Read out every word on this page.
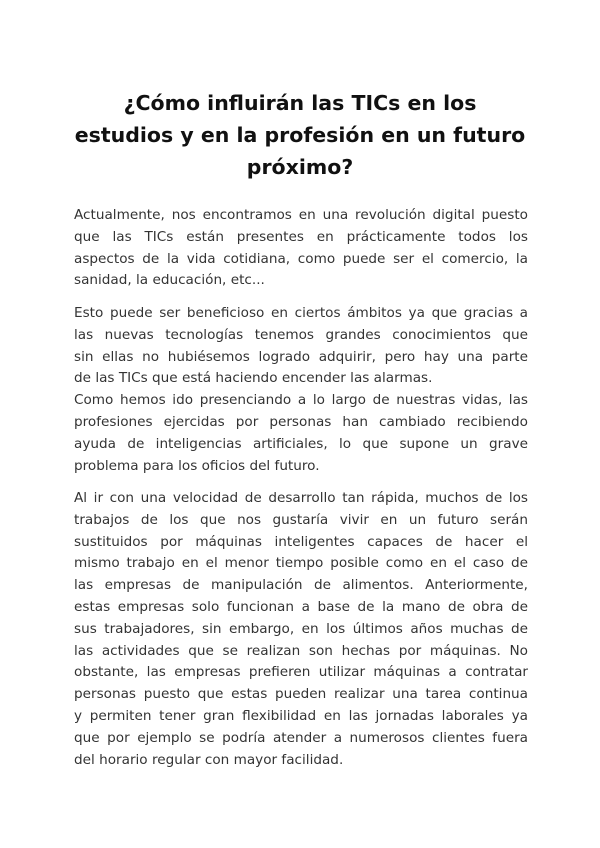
¿Cómo influirán las TICs en los
estudios y en la profesión en un futuro
próximo?
Actualmente, nos encontramos en una revolución digital puesto
que las TICs están presentes en prácticamente todos los
aspectos de la vida cotidiana, como puede ser el comercio, la
sanidad, la educación, etc...
Esto puede ser beneficioso en ciertos ámbitos ya que gracias a
las nuevas tecnologías tenemos grandes conocimientos que
sin ellas no hubiésemos logrado adquirir, pero hay una parte
de las TICs que está haciendo encender las alarmas.
Como hemos ido presenciando a lo largo de nuestras vidas, las
profesiones ejercidas por personas han cambiado recibiendo
ayuda de inteligencias artificiales, lo que supone un grave
problema para los oficios del futuro.
Al ir con una velocidad de desarrollo tan rápida, muchos de los
trabajos de los que nos gustaría vivir en un futuro serán
sustituidos por máquinas inteligentes capaces de hacer el
mismo trabajo en el menor tiempo posible como en el caso de
las empresas de manipulación de alimentos. Anteriormente,
estas empresas solo funcionan a base de la mano de obra de
sus trabajadores, sin embargo, en los últimos años muchas de
las actividades que se realizan son hechas por máquinas. No
obstante, las empresas prefieren utilizar máquinas a contratar
personas puesto que estas pueden realizar una tarea continua
y permiten tener gran flexibilidad en las jornadas laborales ya
que por ejemplo se podría atender a numerosos clientes fuera
del horario regular con mayor facilidad.
